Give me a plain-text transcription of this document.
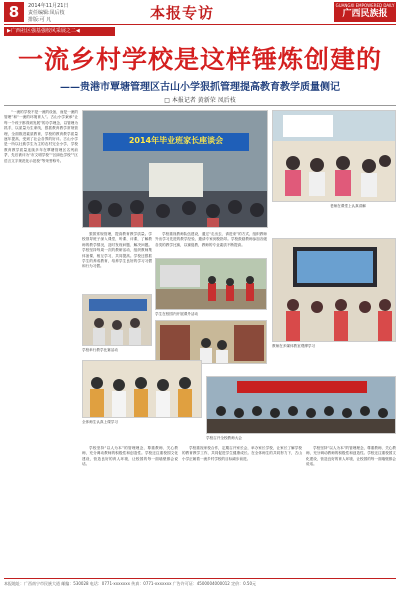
8	2014年11月21日
责任编辑:凤后枝
排版:可 凡	本报专访	GUANGXI EMPOWERED DAILY
广西民族报
▶广西社区强基强校风采展之二◀
一流乡村学校是这样锤炼创建的
——贵港市覃塘管理区古山小学狠抓管理提高教育教学质量侧记
□ 本报记者 黄新荣 凤后枝

“一流的学校不是一流的设备，而是一流的管理”和“一流的环境育人”。古山小学秉承“让每一个孩子都得到发展”的办学理念，以管理为抓手，以质量为生命线，狠抓教育教学常规管理，全面推进素质教育，学校的教育教学质量逐年提高，受到了社会各界的好评。古山小学是一所以壮族学生为主的农村完全小学，学校教育教学质量连续多年在覃塘管理区名列前茅，先后被评为“市文明学校”“区绿色学校”“区语言文字规范化示范校”等荣誉称号。

2014年毕业班家长座谈会
老师在课堂上认真讲解

狠抓常规管理，提高教育教学质量。学校领导班子深入课堂，听课、评课，了解教师的教学情况，及时发现问题、解决问题。学校坚持每周一次的教研活动，组织教师集体备课，相互学习，共同提高。学校还狠抓学生的养成教育，培养学生良好的学习习惯和行为习惯。

学校重视教师队伍建设，通过“走出去、请进来”的方式，组织教师外出学习先进的教学经验，邀请专家到校指导。学校鼓励教师参加各级各类的教学比赛，以赛促教，教师的专业素质不断提高。

学生在校园内开展课外活动
学校举行教学比赛活动
教师在多媒体教室观摩学习
全体师生认真上课学习
学校召开全校教师大会

学校坚持“以人为本”的管理理念，尊重教师、关心教师，充分调动教师的积极性和创造性。学校还注重校园文化建设，营造良好的育人环境，让校园的每一面墙壁都会说话。

学校重视家校合作，定期召开家长会，举办家长学校，让家长了解学校的教育教学工作，共同促进学生健康成长。在全体师生的共同努力下，古山小学正朝着一流乡村学校的目标阔步前进。

学校坚持“以人为本”的管理理念，尊重教师、关心教师，充分调动教师的积极性和创造性。学校还注重校园文化建设，营造良好的育人环境，让校园的每一面墙壁都会说话。

本报地址：广西南宁市民族大道 邮编：530028 电话：0771-xxxxxxx 传真：0771-xxxxxxx 广告许可证：4500004000012 定价：0.50元
